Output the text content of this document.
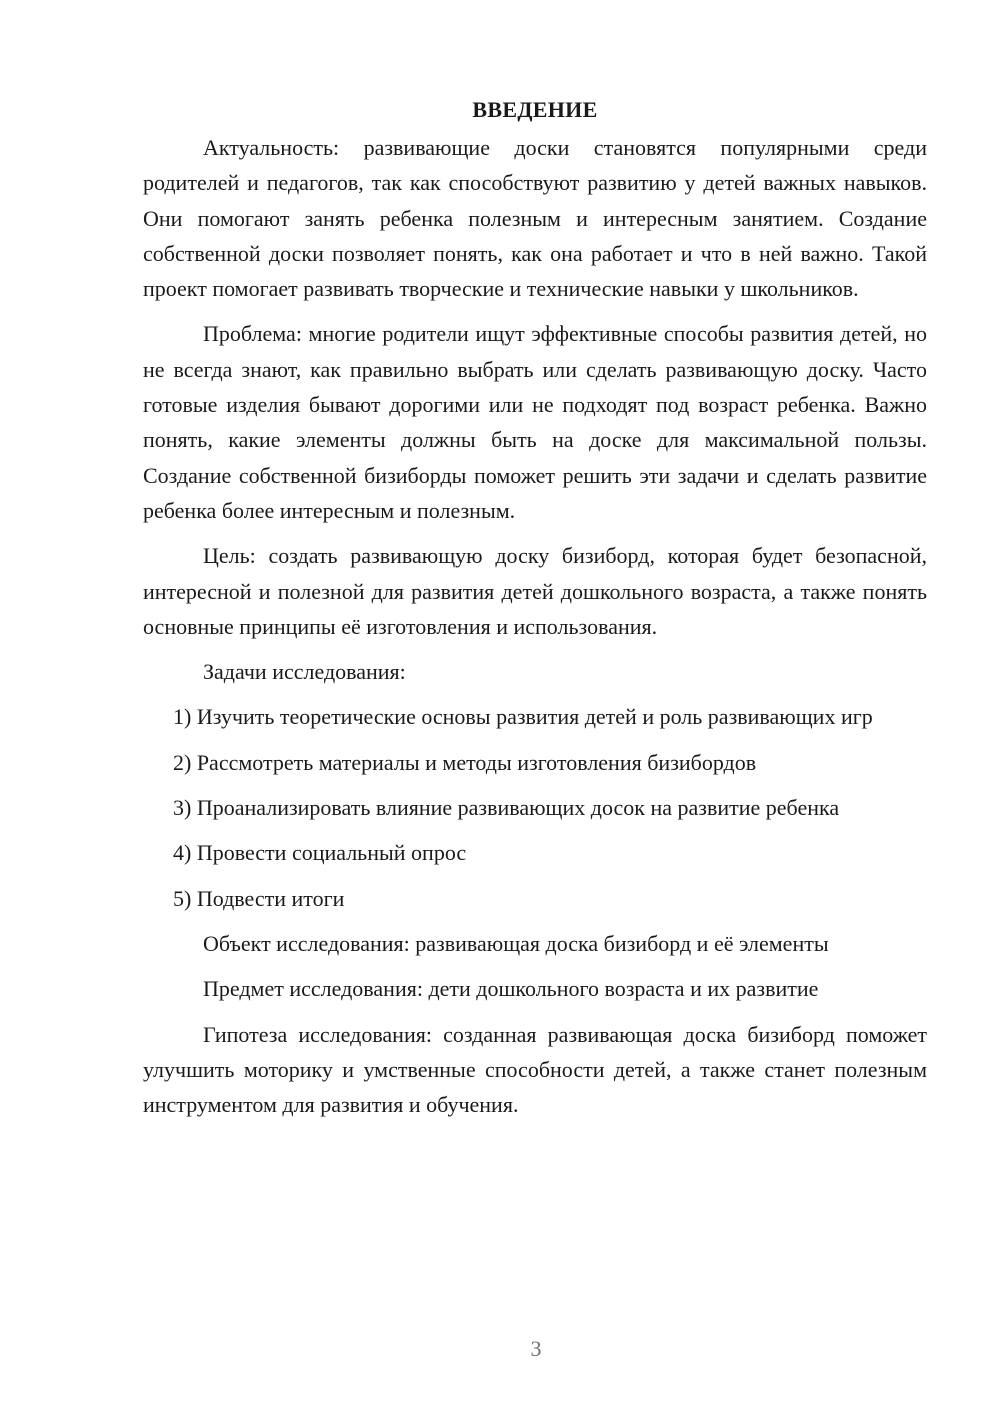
ВВЕДЕНИЕ

Актуальность: развивающие доски становятся популярными среди родителей и педагогов, так как способствуют развитию у детей важных навыков. Они помогают занять ребенка полезным и интересным занятием. Создание собственной доски позволяет понять, как она работает и что в ней важно. Такой проект помогает развивать творческие и технические навыки у школьников.

Проблема: многие родители ищут эффективные способы развития детей, но не всегда знают, как правильно выбрать или сделать развивающую доску. Часто готовые изделия бывают дорогими или не подходят под возраст ребенка. Важно понять, какие элементы должны быть на доске для максимальной пользы. Создание собственной бизиборды поможет решить эти задачи и сделать развитие ребенка более интересным и полезным.

Цель: создать развивающую доску бизиборд, которая будет безопасной, интересной и полезной для развития детей дошкольного возраста, а также понять основные принципы её изготовления и использования.

Задачи исследования:

1) Изучить теоретические основы развития детей и роль развивающих игр

2) Рассмотреть материалы и методы изготовления бизибордов

3) Проанализировать влияние развивающих досок на развитие ребенка

4) Провести социальный опрос

5) Подвести итоги

Объект исследования: развивающая доска бизиборд и её элементы

Предмет исследования: дети дошкольного возраста и их развитие

Гипотеза исследования: созданная развивающая доска бизиборд поможет улучшить моторику и умственные способности детей, а также станет полезным инструментом для развития и обучения.

3
